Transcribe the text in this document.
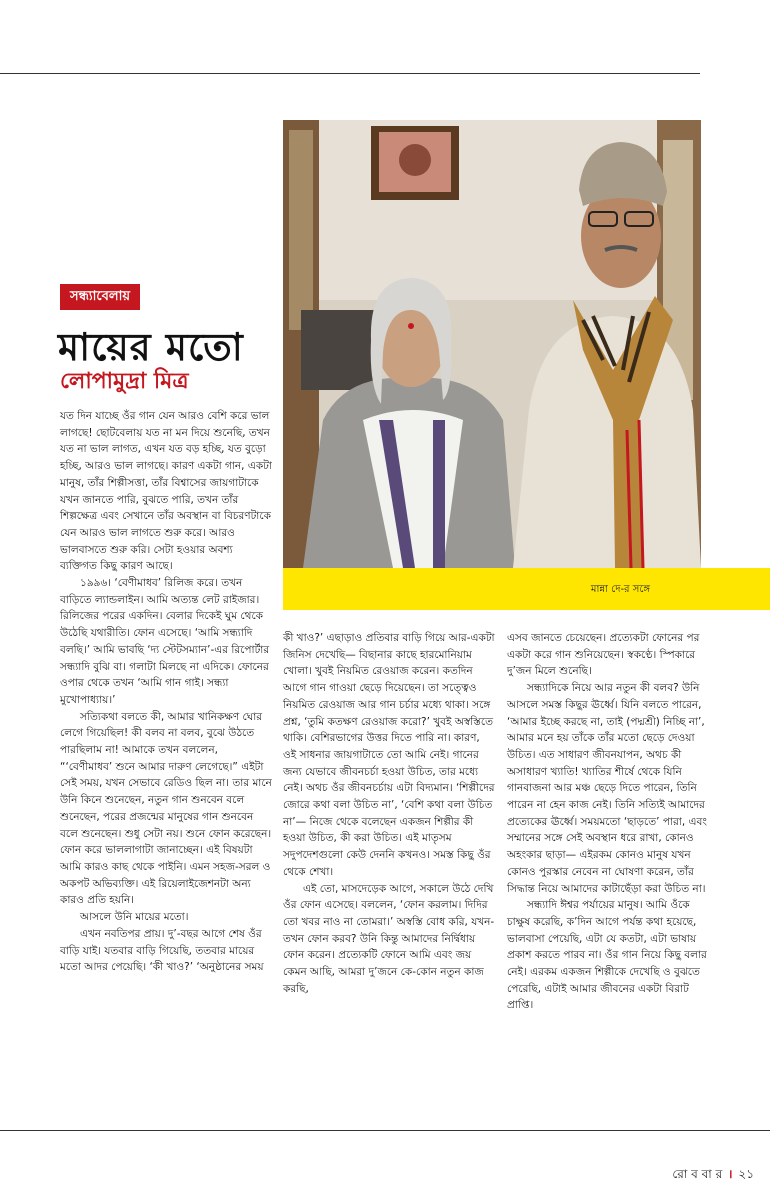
মান্না দে-র সঙ্গে
সন্ধ্যাবেলায়
মায়ের মতো
লোপামুদ্রা মিত্র

যত দিন যাচ্ছে ওঁর গান যেন আরও বেশি করে ভাল লাগছে! ছোটবেলায় যত না মন দিয়ে শুনেছি, তখন যত না ভাল লাগত, এখন যত বড় হচ্ছি, যত বুড়ো হচ্ছি, আরও ভাল লাগছে। কারণ একটা গান, একটা মানুষ, তাঁর শিল্পীসত্তা, তাঁর বিশ্বাসের জায়গাটাকে যখন জানতে পারি, বুঝতে পারি, তখন তাঁর শিল্পক্ষেত্র এবং সেখানে তাঁর অবস্থান বা বিচরণটাকে যেন আরও ভাল লাগতে শুরু করে। আরও ভালবাসতে শুরু করি। সেটা হওয়ার অবশ্য ব্যক্তিগত কিছু কারণ আছে।

১৯৯৬। ‘বেণীমাধব’ রিলিজ করে। তখন বাড়িতে ল্যান্ডলাইন। আমি অত্যন্ত লেট রাইজার। রিলিজের পরের একদিন। বেলার দিকেই ঘুম থেকে উঠেছি যথারীতি। ফোন এসেছে। ‘আমি সন্ধ্যাদি বলছি।’ আমি ভাবছি ‘দ্য স্টেটসম্যান’-এর রিপোর্টার সন্ধ্যাদি বুঝি বা। গলাটা মিলছে না এদিকে। ফোনের ওপার থেকে তখন ‘আমি গান গাই। সন্ধ্যা মুখোপাধ্যায়।’

সত্যিকথা বলতে কী, আমার খানিকক্ষণ ঘোর লেগে গিয়েছিল! কী বলব না বলব, বুঝে উঠতে পারছিলাম না! আমাকে তখন বললেন, “‘বেণীমাধব’ শুনে আমার দারুণ লেগেছে।” এইটা সেই সময়, যখন সেভাবে রেডিও ছিল না। তার মানে উনি কিনে শুনেছেন, নতুন গান শুনবেন বলে শুনেছেন, পরের প্রজন্মের মানুষের গান শুনবেন বলে শুনেছেন। শুধু সেটা নয়। শুনে ফোন করেছেন। ফোন করে ভাললাগাটা জানাচ্ছেন। এই বিষয়টা আমি কারও কাছ থেকে পাইনি। এমন সহজ-সরল ও অকপট অভিব্যক্তি। এই রিয়েলাইজেশনটা অন্য কারও প্রতি হয়নি।

আসলে উনি মায়ের মতো।

এখন নবতিপর প্রায়। দু’-বছর আগে শেষ ওঁর বাড়ি যাই। যতবার বাড়ি গিয়েছি, ততবার মায়ের মতো আদর পেয়েছি। ‘কী খাও?’ ‘অনুষ্ঠানের সময়

কী খাও?’ এছাড়াও প্রতিবার বাড়ি গিয়ে আর-একটা জিনিস দেখেছি— বিছানার কাছে হারমোনিয়াম খোলা। খুবই নিয়মিত রেওয়াজ করেন। কতদিন আগে গান গাওয়া ছেড়ে দিয়েছেন। তা সত্ত্বেও নিয়মিত রেওয়াজ আর গান চর্চার মধ্যে থাকা। সঙ্গে প্রশ্ন, ‘তুমি কতক্ষণ রেওয়াজ করো?’ খুবই অস্বস্তিতে থাকি। বেশিরভাগের উত্তর দিতে পারি না। কারণ, ওই সাধনার জায়গাটাতে তো আমি নেই। গানের জন্য যেভাবে জীবনচর্চা হওয়া উচিত, তার মধ্যে নেই। অথচ ওঁর জীবনচর্চায় এটা বিদ্যমান। ‘শিল্পীদের জোরে কথা বলা উচিত না’, ‘বেশি কথা বলা উচিত না’— নিজে থেকে বলেছেন একজন শিল্পীর কী হওয়া উচিত, কী করা উচিত। এই মাতৃসম সদুপদেশগুলো কেউ দেননি কখনও। সমস্ত কিছু ওঁর থেকে শেখা।

এই তো, মাসদেড়েক আগে, সকালে উঠে দেখি ওঁর ফোন এসেছে। বললেন, ‘ফোন করলাম। দিদির তো খবর নাও না তোমরা।’ অস্বস্তি বোধ করি, যখন-তখন ফোন করব? উনি কিন্তু আমাদের নির্দ্বিধায় ফোন করেন। প্রত্যেকটি ফোনে আমি এবং জয় কেমন আছি, আমরা দু’জনে কে-কোন নতুন কাজ করছি,

এসব জানতে চেয়েছেন। প্রত্যেকটা ফোনের পর একটা করে গান শুনিয়েছেন। স্বকণ্ঠে। স্পিকারে দু’জন মিলে শুনেছি।

সন্ধ্যাদিকে নিয়ে আর নতুন কী বলব? উনি আসলে সমস্ত কিছুর ঊর্ধ্বে। যিনি বলতে পারেন, ‘আমার ইচ্ছে করছে না, তাই (পদ্মশ্রী) নিচ্ছি না’, আমার মনে হয় তাঁকে তাঁর মতো ছেড়ে দেওয়া উচিত। এত সাধারণ জীবনযাপন, অথচ কী অসাধারণ খ্যাতি! খ্যাতির শীর্ষে থেকে যিনি গানবাজনা আর মঞ্চ ছেড়ে দিতে পারেন, তিনি পারেন না হেন কাজ নেই। তিনি সত্যিই আমাদের প্রত্যেকের ঊর্ধ্বে। সময়মতো ‘ছাড়তে’ পারা, এবং সম্মানের সঙ্গে সেই অবস্থান ধরে রাখা, কোনও অহংকার ছাড়া— এইরকম কোনও মানুষ যখন কোনও পুরস্কার নেবেন না ঘোষণা করেন, তাঁর সিদ্ধান্ত নিয়ে আমাদের কাটাছেঁড়া করা উচিত না।

সন্ধ্যাদি ঈশ্বর পর্যায়ের মানুষ। আমি ওঁকে চাক্ষুষ করেছি, ক’দিন আগে পর্যন্ত কথা হয়েছে, ভালবাসা পেয়েছি, এটা যে কতটা, এটা ভাষায় প্রকাশ করতে পারব না। ওঁর গান নিয়ে কিছু বলার নেই। এরকম একজন শিল্পীকে দেখেছি ও বুঝতে পেরেছি, এটাই আমার জীবনের একটা বিরাট প্রাপ্তি।

রো ব বা র । ২১
